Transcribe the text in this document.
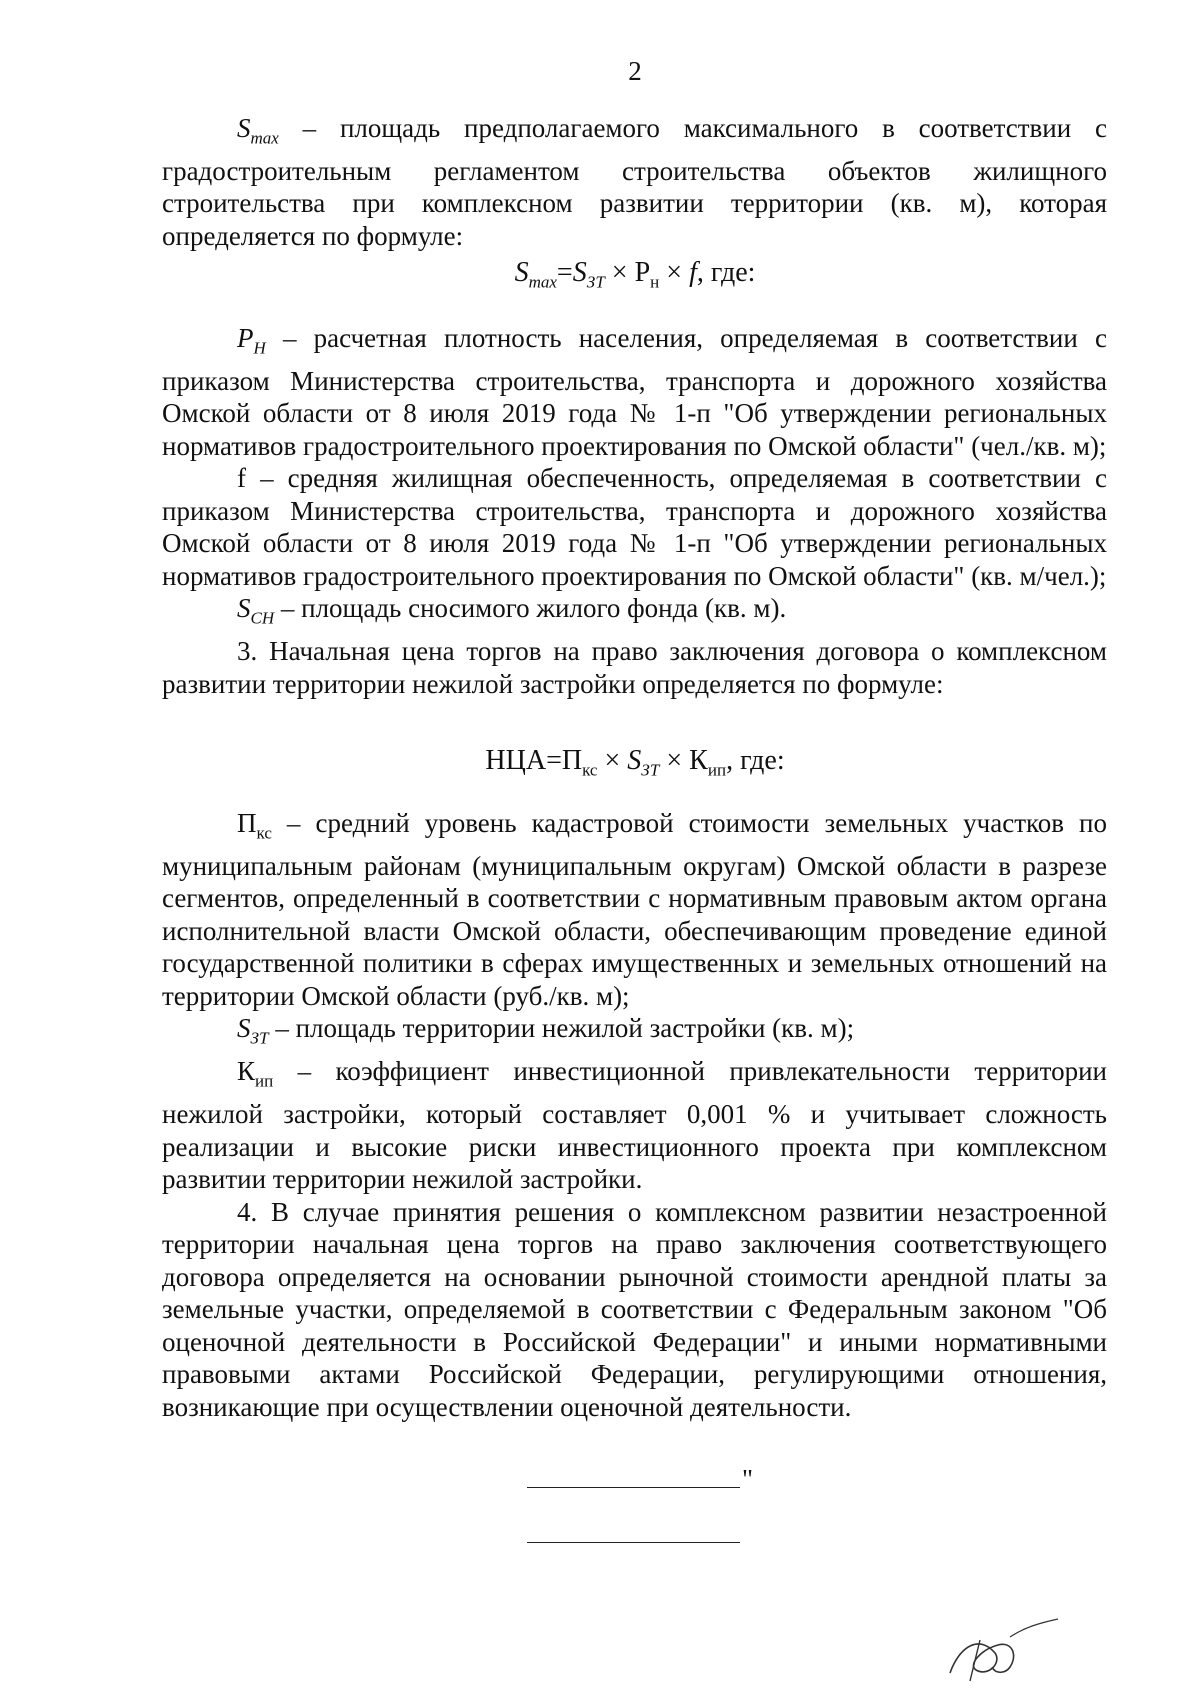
2

$S_{max}$ – площадь предполагаемого максимального в соответствии с градостроительным регламентом строительства объектов жилищного строительства при комплексном развитии территории (кв. м), которая определяется по формуле:

$S_{max}=S_{ЗТ} \times Р_н \times f$, где:

$P_H$ – расчетная плотность населения, определяемая в соответствии с приказом Министерства строительства, транспорта и дорожного хозяйства Омской области от 8 июля 2019 года № 1-п "Об утверждении региональных нормативов градостроительного проектирования по Омской области" (чел./кв. м);

f – средняя жилищная обеспеченность, определяемая в соответствии с приказом Министерства строительства, транспорта и дорожного хозяйства Омской области от 8 июля 2019 года № 1-п "Об утверждении региональных нормативов градостроительного проектирования по Омской области" (кв. м/чел.);

$S_{СН}$ – площадь сносимого жилого фонда (кв. м).

3. Начальная цена торгов на право заключения договора о комплексном развитии территории нежилой застройки определяется по формуле:

$НЦА=П_{кс} \times S_{ЗТ} \times К_{ип}$, где:

$П_{кс}$ – средний уровень кадастровой стоимости земельных участков по муниципальным районам (муниципальным округам) Омской области в разрезе сегментов, определенный в соответствии с нормативным правовым актом органа исполнительной власти Омской области, обеспечивающим проведение единой государственной политики в сферах имущественных и земельных отношений на территории Омской области (руб./кв. м);

$S_{ЗТ}$ – площадь территории нежилой застройки (кв. м);

$К_{ип}$ – коэффициент инвестиционной привлекательности территории нежилой застройки, который составляет 0,001 % и учитывает сложность реализации и высокие риски инвестиционного проекта при комплексном развитии территории нежилой застройки.

4. В случае принятия решения о комплексном развитии незастроенной территории начальная цена торгов на право заключения соответствующего договора определяется на основании рыночной стоимости арендной платы за земельные участки, определяемой в соответствии с Федеральным законом "Об оценочной деятельности в Российской Федерации" и иными нормативными правовыми актами Российской Федерации, регулирующими отношения, возникающие при осуществлении оценочной деятельности.

"
